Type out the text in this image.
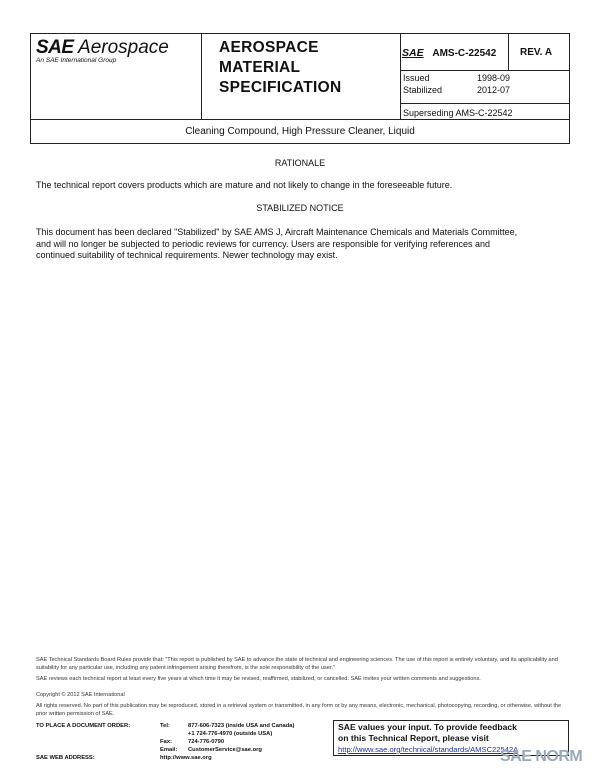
SAE Aerospace
An SAE International Group
AEROSPACE
MATERIAL
SPECIFICATION
SAE AMS-C-22542 REV. A
Issued	1998-09
Stabilized	2012-07
Superseding AMS-C-22542
Cleaning Compound, High Pressure Cleaner, Liquid
RATIONALE
The technical report covers products which are mature and not likely to change in the foreseeable future.
STABILIZED NOTICE
This document has been declared "Stabilized" by SAE AMS J, Aircraft Maintenance Chemicals and Materials Committee,
and will no longer be subjected to periodic reviews for currency. Users are responsible for verifying references and
continued suitability of technical requirements. Newer technology may exist.
SAE Technical Standards Board Rules provide that: "This report is published by SAE to advance the state of technical and engineering sciences. The use of this report is entirely voluntary, and its applicability and suitability for any particular use, including any patent infringement arising therefrom, is the sole responsibility of the user."
SAE reviews each technical report at least every five years at which time it may be revised, reaffirmed, stabilized, or cancelled. SAE invites your written comments and suggestions.
Copyright © 2012 SAE International
All rights reserved. No part of this publication may be reproduced, stored in a retrieval system or transmitted, in any form or by any means, electronic, mechanical, photocopying, recording, or otherwise, without the prior written permission of SAE.
TO PLACE A DOCUMENT ORDER:	Tel:	877-606-7323 (inside USA and Canada)
+1 724-776-4970 (outside USA)
Fax:	724-776-0790
Email: CustomerService@sae.org
SAE WEB ADDRESS:	http://www.sae.org
SAE values your input. To provide feedback
on this Technical Report, please visit
http://www.sae.org/technical/standards/AMSC22542A
SAE NORM
